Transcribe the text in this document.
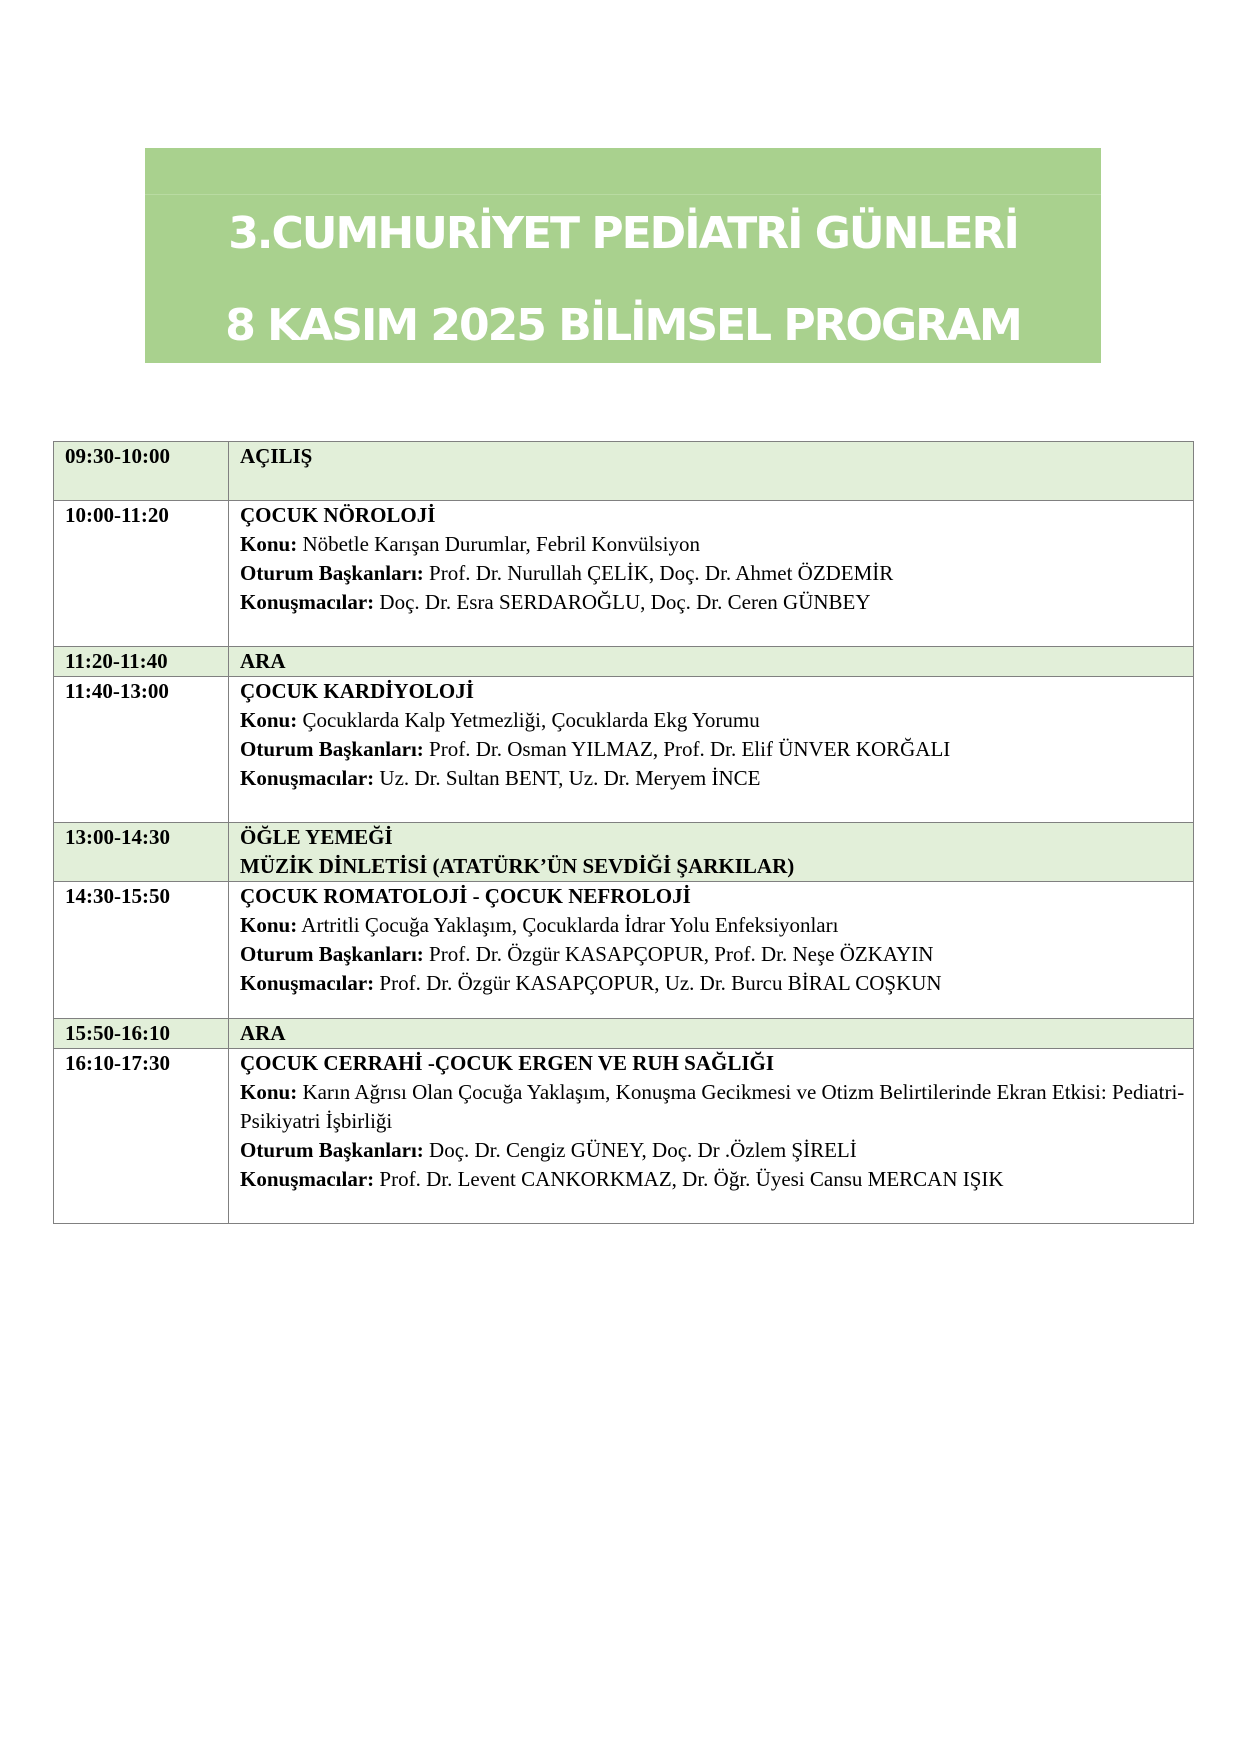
3.CUMHURİYET PEDİATRİ GÜNLERİ
8 KASIM 2025 BİLİMSEL PROGRAM
09:30-10:00	AÇILIŞ

10:00-11:20	ÇOCUK NÖROLOJİ
Konu: Nöbetle Karışan Durumlar, Febril Konvülsiyon
Oturum Başkanları: Prof. Dr. Nurullah ÇELİK, Doç. Dr. Ahmet ÖZDEMİR
Konuşmacılar: Doç. Dr. Esra SERDAROĞLU, Doç. Dr. Ceren GÜNBEY

11:20-11:40	ARA

11:40-13:00	ÇOCUK KARDİYOLOJİ
Konu: Çocuklarda Kalp Yetmezliği, Çocuklarda Ekg Yorumu
Oturum Başkanları: Prof. Dr. Osman YILMAZ, Prof. Dr. Elif ÜNVER KORĞALI
Konuşmacılar: Uz. Dr. Sultan BENT, Uz. Dr. Meryem İNCE

13:00-14:30	ÖĞLE YEMEĞİ
MÜZİK DİNLETİSİ (ATATÜRK’ÜN SEVDİĞİ ŞARKILAR)

14:30-15:50	ÇOCUK ROMATOLOJİ - ÇOCUK NEFROLOJİ
Konu: Artritli Çocuğa Yaklaşım, Çocuklarda İdrar Yolu Enfeksiyonları
Oturum Başkanları: Prof. Dr. Özgür KASAPÇOPUR, Prof. Dr. Neşe ÖZKAYIN
Konuşmacılar: Prof. Dr. Özgür KASAPÇOPUR, Uz. Dr. Burcu BİRAL COŞKUN

15:50-16:10	ARA

16:10-17:30	ÇOCUK CERRAHİ -ÇOCUK ERGEN VE RUH SAĞLIĞI
Konu: Karın Ağrısı Olan Çocuğa Yaklaşım, Konuşma Gecikmesi ve Otizm Belirtilerinde Ekran Etkisi: Pediatri-Psikiyatri İşbirliği
Oturum Başkanları: Doç. Dr. Cengiz GÜNEY, Doç. Dr .Özlem ŞİRELİ
Konuşmacılar: Prof. Dr. Levent CANKORKMAZ, Dr. Öğr. Üyesi Cansu MERCAN IŞIK
